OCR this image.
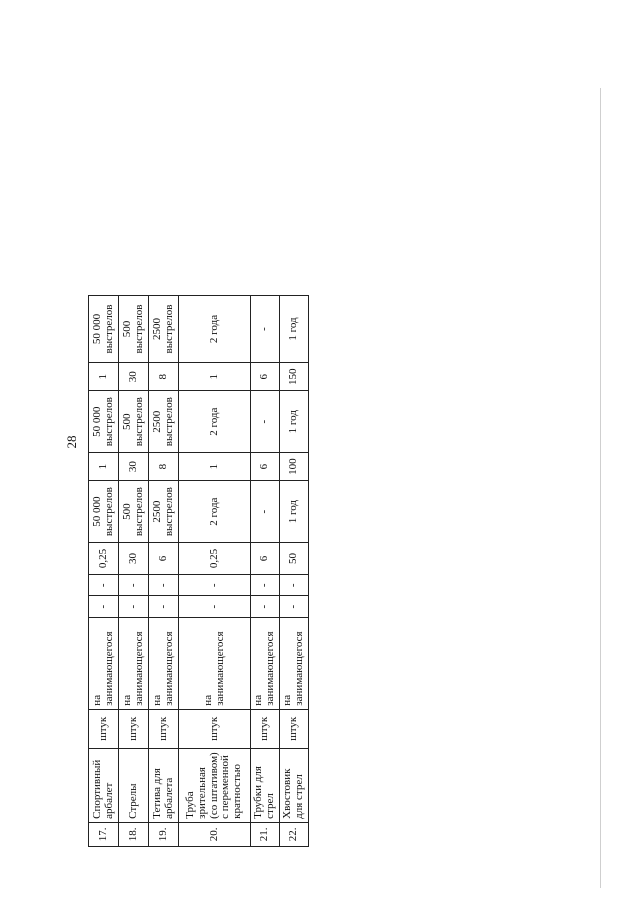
28
17.	Спортивный арбалет	штук	на занимающегося	-	-	0,25	50 000 выстрелов	1	50 000 выстрелов	1	50 000 выстрелов
18.	Стрелы	штук	на занимающегося	-	-	30	500 выстрелов	30	500 выстрелов	30	500 выстрелов
19.	Тетива для арбалета	штук	на занимающегося	-	-	6	2500 выстрелов	8	2500 выстрелов	8	2500 выстрелов
20.	Труба зрительная (со штативом) с переменной кратностью	штук	на занимающегося	-	-	0,25	2 года	1	2 года	1	2 года
21.	Трубки для стрел	штук	на занимающегося	-	-	6	-	6	-	6	-
22.	Хвостовик для стрел	штук	на занимающегося	-	-	50	1 год	100	1 год	150	1 год
